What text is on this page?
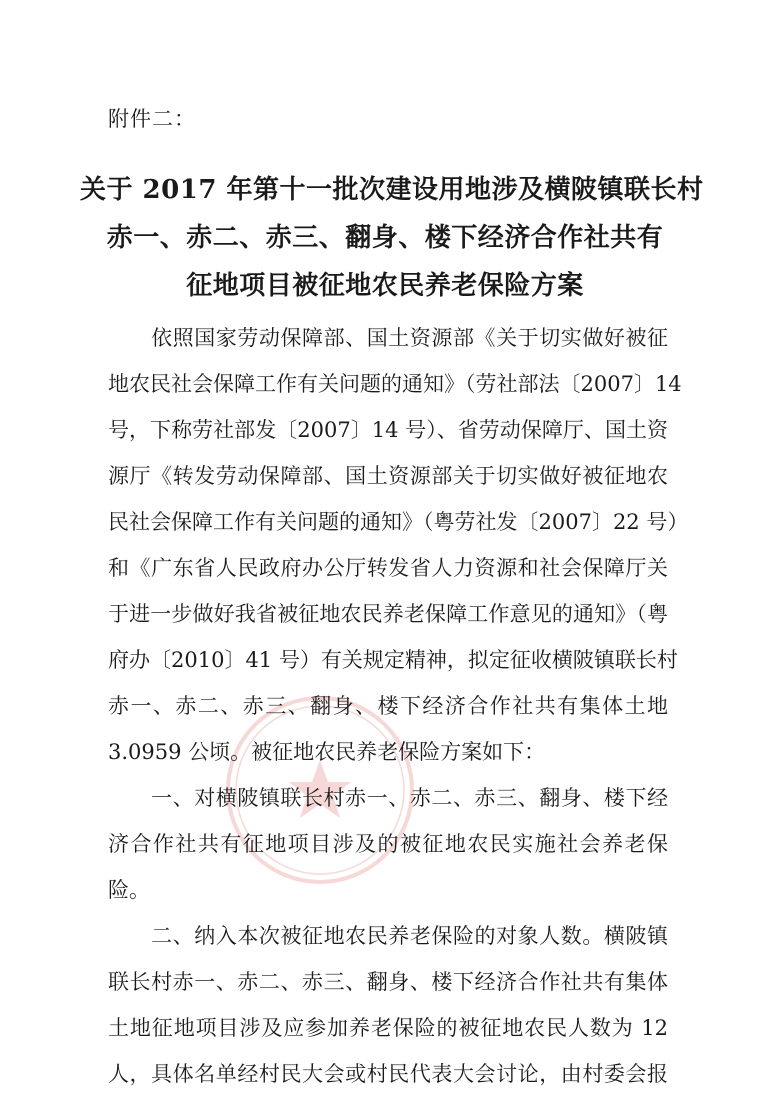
附件二：
关于 2017 年第十一批次建设用地涉及横陂镇联长村
赤一、赤二、赤三、翻身、楼下经济合作社共有
征地项目被征地农民养老保险方案
　　依照国家劳动保障部、国土资源部《关于切实做好被征
地农民社会保障工作有关问题的通知》（劳社部法〔2007〕14
号，下称劳社部发〔2007〕14 号）、省劳动保障厅、国土资
源厅《转发劳动保障部、国土资源部关于切实做好被征地农
民社会保障工作有关问题的通知》（粤劳社发〔2007〕22 号）
和《广东省人民政府办公厅转发省人力资源和社会保障厅关
于进一步做好我省被征地农民养老保障工作意见的通知》（粤
府办〔2010〕41 号）有关规定精神，拟定征收横陂镇联长村
赤一、赤二、赤三、翻身、楼下经济合作社共有集体土地
3.0959 公顷。被征地农民养老保险方案如下：
　　一、对横陂镇联长村赤一、赤二、赤三、翻身、楼下经
济合作社共有征地项目涉及的被征地农民实施社会养老保
险。
　　二、纳入本次被征地农民养老保险的对象人数。横陂镇
联长村赤一、赤二、赤三、翻身、楼下经济合作社共有集体
土地征地项目涉及应参加养老保险的被征地农民人数为 12
人，具体名单经村民大会或村民代表大会讨论，由村委会报
